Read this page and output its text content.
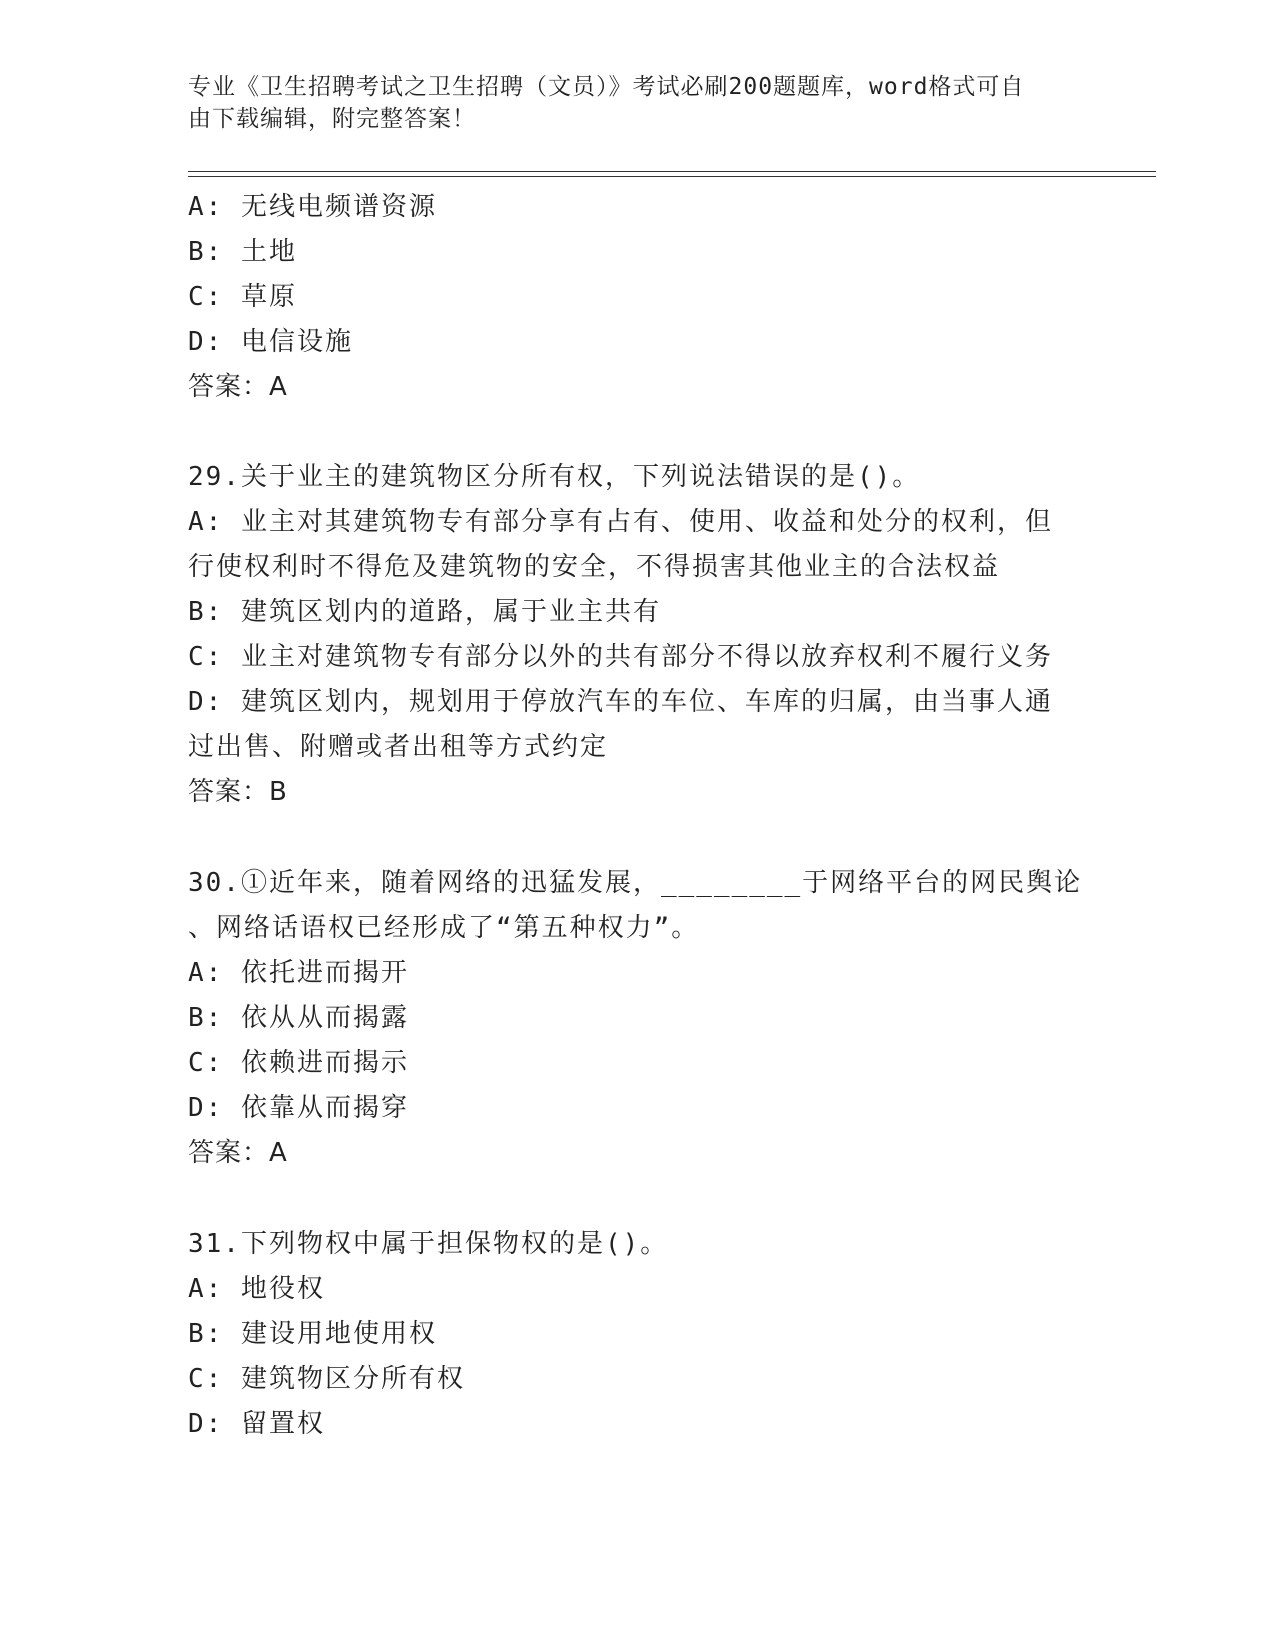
专业《卫生招聘考试之卫生招聘（文员）》考试必刷200题题库，word格式可自
由下载编辑，附完整答案！
A: 无线电频谱资源
B: 土地
C: 草原
D: 电信设施
答案：A
29.关于业主的建筑物区分所有权，下列说法错误的是()。
A: 业主对其建筑物专有部分享有占有、使用、收益和处分的权利，但
行使权利时不得危及建筑物的安全，不得损害其他业主的合法权益
B: 建筑区划内的道路，属于业主共有
C: 业主对建筑物专有部分以外的共有部分不得以放弃权利不履行义务
D: 建筑区划内，规划用于停放汽车的车位、车库的归属，由当事人通
过出售、附赠或者出租等方式约定
答案：B
30.①近年来，随着网络的迅猛发展，________于网络平台的网民舆论
、网络话语权已经形成了“第五种权力”。
A: 依托进而揭开
B: 依从从而揭露
C: 依赖进而揭示
D: 依靠从而揭穿
答案：A
31.下列物权中属于担保物权的是()。
A: 地役权
B: 建设用地使用权
C: 建筑物区分所有权
D: 留置权
